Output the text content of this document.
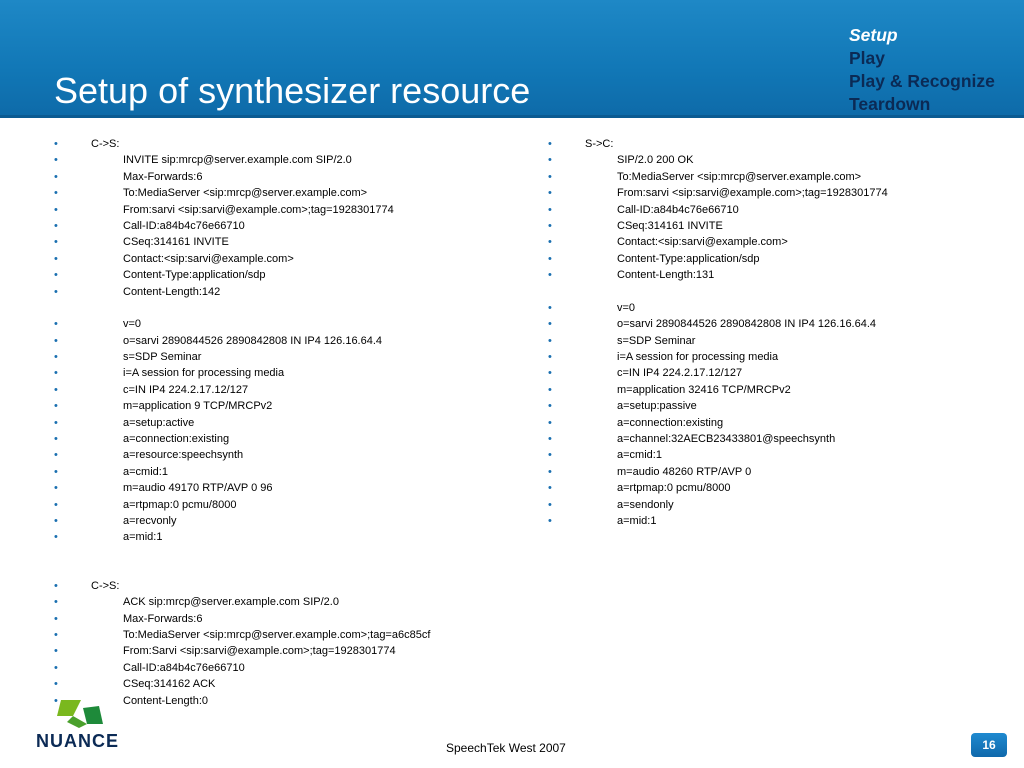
Setup of synthesizer resource
Setup
Play
Play & Recognize
Teardown
•	C->S:
•	INVITE sip:mrcp@server.example.com SIP/2.0
•	Max-Forwards:6
•	To:MediaServer <sip:mrcp@server.example.com>
•	From:sarvi <sip:sarvi@example.com>;tag=1928301774
•	Call-ID:a84b4c76e66710
•	CSeq:314161 INVITE
•	Contact:<sip:sarvi@example.com>
•	Content-Type:application/sdp
•	Content-Length:142
•	v=0
•	o=sarvi 2890844526 2890842808 IN IP4 126.16.64.4
•	s=SDP Seminar
•	i=A session for processing media
•	c=IN IP4 224.2.17.12/127
•	m=application 9 TCP/MRCPv2
•	a=setup:active
•	a=connection:existing
•	a=resource:speechsynth
•	a=cmid:1
•	m=audio 49170 RTP/AVP 0 96
•	a=rtpmap:0 pcmu/8000
•	a=recvonly
•	a=mid:1
•	C->S:
•	ACK sip:mrcp@server.example.com SIP/2.0
•	Max-Forwards:6
•	To:MediaServer <sip:mrcp@server.example.com>;tag=a6c85cf
•	From:Sarvi <sip:sarvi@example.com>;tag=1928301774
•	Call-ID:a84b4c76e66710
•	CSeq:314162 ACK
•	Content-Length:0
•	S->C:
•	SIP/2.0 200 OK
•	To:MediaServer <sip:mrcp@server.example.com>
•	From:sarvi <sip:sarvi@example.com>;tag=1928301774
•	Call-ID:a84b4c76e66710
•	CSeq:314161 INVITE
•	Contact:<sip:sarvi@example.com>
•	Content-Type:application/sdp
•	Content-Length:131
•	v=0
•	o=sarvi 2890844526 2890842808 IN IP4 126.16.64.4
•	s=SDP Seminar
•	i=A session for processing media
•	c=IN IP4 224.2.17.12/127
•	m=application 32416 TCP/MRCPv2
•	a=setup:passive
•	a=connection:existing
•	a=channel:32AECB23433801@speechsynth
•	a=cmid:1
•	m=audio 48260 RTP/AVP 0
•	a=rtpmap:0 pcmu/8000
•	a=sendonly
•	a=mid:1
NUANCE	SpeechTek West 2007	16
